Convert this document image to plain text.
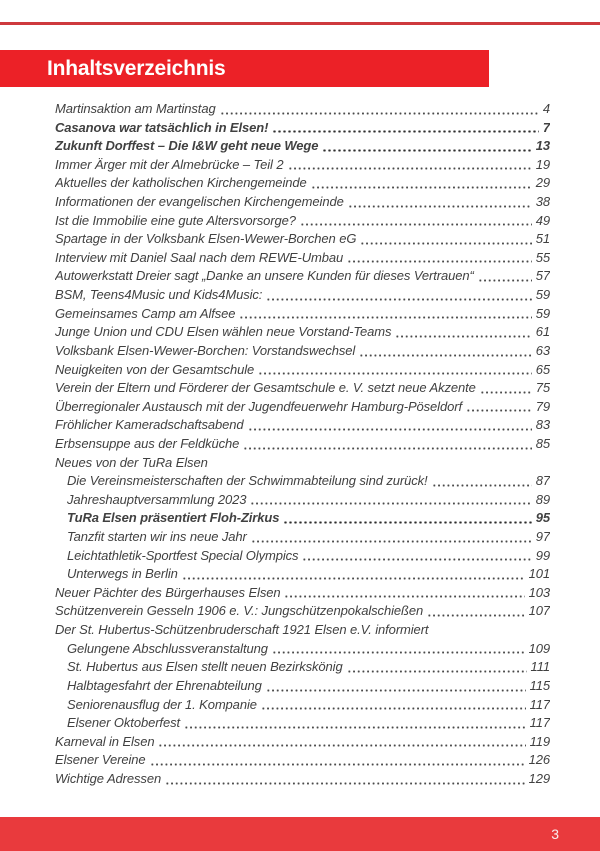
Inhaltsverzeichnis
Martinsaktion am Martinstag	4
Casanova war tatsächlich in Elsen!	7
Zukunft Dorffest – Die I&W geht neue Wege	13
Immer Ärger mit der Almebrücke – Teil 2	19
Aktuelles der katholischen Kirchengemeinde	29
Informationen der evangelischen Kirchengemeinde	38
Ist die Immobilie eine gute Altersvorsorge?	49
Spartage in der Volksbank Elsen-Wewer-Borchen eG	51
Interview mit Daniel Saal nach dem REWE-Umbau	55
Autowerkstatt Dreier sagt „Danke an unsere Kunden für dieses Vertrauen“	57
BSM, Teens4Music und Kids4Music:	59
Gemeinsames Camp am Alfsee	59
Junge Union und CDU Elsen wählen neue Vorstand-Teams	61
Volksbank Elsen-Wewer-Borchen: Vorstandswechsel	63
Neuigkeiten von der Gesamtschule	65
Verein der Eltern und Förderer der Gesamtschule e. V. setzt neue Akzente	75
Überregionaler Austausch mit der Jugendfeuerwehr Hamburg-Pöseldorf	79
Fröhlicher Kameradschaftsabend	83
Erbsensuppe aus der Feldküche	85
Neues von der TuRa Elsen
Die Vereinsmeisterschaften der Schwimmabteilung sind zurück!	87
Jahreshauptversammlung 2023	89
TuRa Elsen präsentiert Floh-Zirkus	95
Tanzfit starten wir ins neue Jahr	97
Leichtathletik-Sportfest Special Olympics	99
Unterwegs in Berlin	101
Neuer Pächter des Bürgerhauses Elsen	103
Schützenverein Gesseln 1906 e. V.: Jungschützenpokalschießen	107
Der St. Hubertus-Schützenbruderschaft 1921 Elsen e.V. informiert
Gelungene Abschlussveranstaltung	109
St. Hubertus aus Elsen stellt neuen Bezirkskönig	111
Halbtagesfahrt der Ehrenabteilung	115
Seniorenausflug der 1. Kompanie	117
Elsener Oktoberfest	117
Karneval in Elsen	119
Elsener Vereine	126
Wichtige Adressen	129
3
